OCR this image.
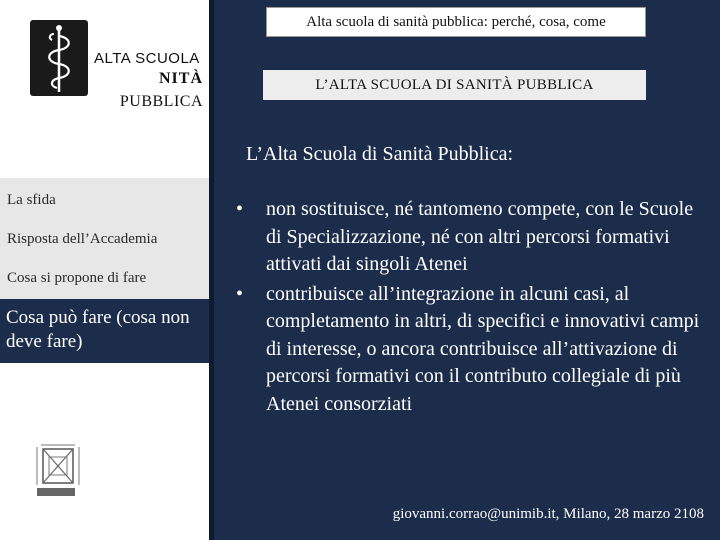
ALTA SCUOLA
NITÀ
PUBBLICA
La sfida
Risposta dell’Accademia
Cosa si propone di fare
Cosa può fare (cosa non deve fare)
Alta scuola di sanità pubblica: perché, cosa, come
L’ALTA SCUOLA DI SANITÀ PUBBLICA
L’Alta Scuola di Sanità Pubblica:
• non sostituisce, né tantomeno compete, con le Scuole di Specializzazione, né con altri percorsi formativi attivati dai singoli Atenei
• contribuisce all’integrazione in alcuni casi, al completamento in altri, di specifici e innovativi campi di interesse, o ancora contribuisce all’attivazione di percorsi formativi con il contributo collegiale di più Atenei consorziati
giovanni.corrao@unimib.it, Milano, 28 marzo 2108
